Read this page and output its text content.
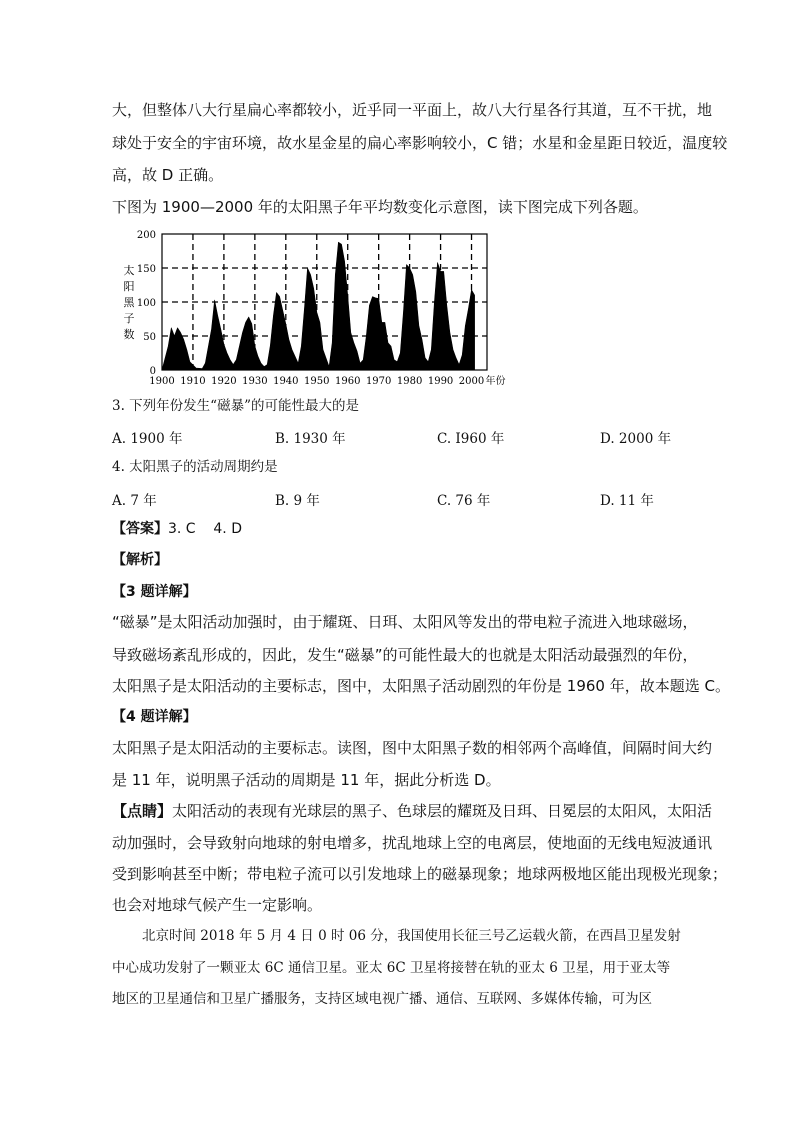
大，但整体八大行星扁心率都较小，近乎同一平面上，故八大行星各行其道，互不干扰，地
球处于安全的宇宙环境，故水星金星的扁心率影响较小，C 错；水星和金星距日较近，温度较
高，故 D 正确。
下图为 1900—2000 年的太阳黑子年平均数变化示意图，读下图完成下列各题。
200
150
100
50
0
1900 1910 1920 1930 1940 1950 1960 1970 1980 1990 2000 年份
太
阳
黑
子
数
3. 下列年份发生“磁暴”的可能性最大的是
A. 1900 年	B. 1930 年	C. I960 年	D. 2000 年
4. 太阳黑子的活动周期约是
A. 7 年	B. 9 年	C. 76 年	D. 11 年
【答案】3. C    4. D
【解析】
【3 题详解】
“磁暴”是太阳活动加强时，由于耀斑、日珥、太阳风等发出的带电粒子流进入地球磁场，
导致磁场紊乱形成的，因此，发生“磁暴”的可能性最大的也就是太阳活动最强烈的年份，
太阳黑子是太阳活动的主要标志，图中，太阳黑子活动剧烈的年份是 1960 年，故本题选 C。
【4 题详解】
太阳黑子是太阳活动的主要标志。读图，图中太阳黑子数的相邻两个高峰值，间隔时间大约
是 11 年，说明黑子活动的周期是 11 年，据此分析选 D。
【点睛】太阳活动的表现有光球层的黑子、色球层的耀斑及日珥、日冕层的太阳风，太阳活
动加强时，会导致射向地球的射电增多，扰乱地球上空的电离层，使地面的无线电短波通讯
受到影响甚至中断；带电粒子流可以引发地球上的磁暴现象；地球两极地区能出现极光现象；
也会对地球气候产生一定影响。
北京时间 2018 年 5 月 4 日 0 时 06 分，我国使用长征三号乙运载火箭，在西昌卫星发射
中心成功发射了一颗亚太 6C 通信卫星。亚太 6C 卫星将接替在轨的亚太 6 卫星，用于亚太等
地区的卫星通信和卫星广播服务，支持区域电视广播、通信、互联网、多媒体传输，可为区
